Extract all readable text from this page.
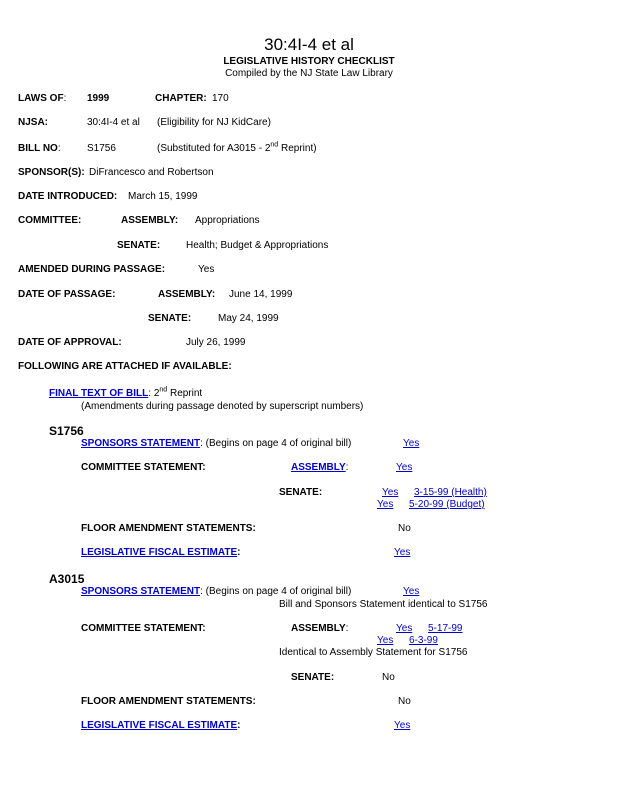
30:4I-4 et al
LEGISLATIVE HISTORY CHECKLIST
Compiled by the NJ State Law Library
LAWS OF: 1999	CHAPTER: 170
NJSA:	30:4I-4 et al (Eligibility for NJ KidCare)
BILL NO:	S1756	(Substituted for A3015 - 2nd Reprint)
SPONSOR(S): DiFrancesco and Robertson
DATE INTRODUCED: March 15, 1999
COMMITTEE:	ASSEMBLY: Appropriations
SENATE:	Health; Budget & Appropriations
AMENDED DURING PASSAGE:	Yes
DATE OF PASSAGE:	ASSEMBLY: June 14, 1999
SENATE:	May 24, 1999
DATE OF APPROVAL:	July 26, 1999
FOLLOWING ARE ATTACHED IF AVAILABLE:
FINAL TEXT OF BILL: 2nd Reprint
(Amendments during passage denoted by superscript numbers)
S1756
SPONSORS STATEMENT: (Begins on page 4 of original bill)	Yes
COMMITTEE STATEMENT:	ASSEMBLY:	Yes
SENATE:	Yes 3-15-99 (Health)
Yes 5-20-99 (Budget)
FLOOR AMENDMENT STATEMENTS:	No
LEGISLATIVE FISCAL ESTIMATE:	Yes
A3015
SPONSORS STATEMENT: (Begins on page 4 of original bill)	Yes
Bill and Sponsors Statement identical to S1756
COMMITTEE STATEMENT:	ASSEMBLY:	Yes 5-17-99
Yes 6-3-99
Identical to Assembly Statement for S1756
SENATE:	No
FLOOR AMENDMENT STATEMENTS:	No
LEGISLATIVE FISCAL ESTIMATE:	Yes
